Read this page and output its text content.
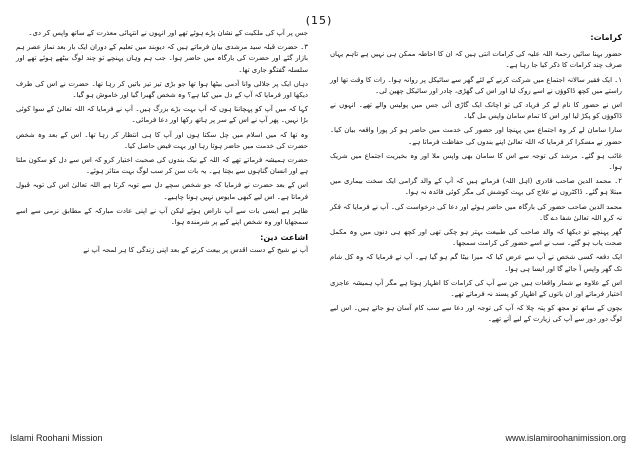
(15)
کرامات:

حضور بہنا سائیں رحمۃ اللہ علیہ کی کرامات انتی ہیں کہ ان کا احاطہ ممکن ہی نہیں ہے تاہم یہاں صرف چند کرامات کا ذکر کیا جا رہا ہے۔

۱۔ ایک فقیر سالانہ اجتماع میں شرکت کرنے کے لئے گھر سے سائیکل پر روانہ ہوا۔ رات کا وقت تھا اور راستے میں کچھ ڈاکوؤں نے اسے روک لیا اور اس کی گھڑی، چادر اور سائیکل چھین لی۔

اس نے حضور کا نام لے کر فریاد کی تو اچانک ایک گاڑی آئی جس میں پولیس والے تھے۔ انہوں نے ڈاکوؤں کو پکڑ لیا اور اس کا تمام سامان واپس مل گیا۔

سارا سامان لے کر وہ اجتماع میں پہنچا اور حضور کی خدمت میں حاضر ہو کر پورا واقعہ بیان کیا۔ حضور نے مسکرا کر فرمایا کہ اللہ تعالیٰ اپنے بندوں کی حفاظت فرماتا ہے۔

غائب ہو گئے۔ مرشد کی توجہ سے اس کا سامان بھی واپس ملا اور وہ بخیریت اجتماع میں شریک ہوا۔

۲۔ محمد الدین صاحب قادری (اہل اللہ) فرماتے ہیں کہ آپ کے والد گرامی ایک سخت بیماری میں مبتلا ہو گئے۔ ڈاکٹروں نے علاج کی بہت کوشش کی مگر کوئی فائدہ نہ ہوا۔

محمد الدین صاحب حضور کی بارگاہ میں حاضر ہوئے اور دعا کی درخواست کی۔ آپ نے فرمایا کہ فکر نہ کرو اللہ تعالیٰ شفا دے گا۔

گھر پہنچے تو دیکھا کہ والد صاحب کی طبیعت بہتر ہو چکی تھی اور کچھ ہی دنوں میں وہ مکمل صحت یاب ہو گئے۔ سب نے اسے حضور کی کرامت سمجھا۔

ایک دفعہ کسی شخص نے آپ سے عرض کیا کہ میرا بیٹا گم ہو گیا ہے۔ آپ نے فرمایا کہ وہ کل شام تک گھر واپس آ جائے گا اور ایسا ہی ہوا۔

اس کے علاوہ بے شمار واقعات ہیں جن سے آپ کی کرامات کا اظہار ہوتا ہے مگر آپ ہمیشہ عاجزی اختیار فرماتے اور ان باتوں کے اظہار کو پسند نہ فرماتے تھے۔

بچوں کے ساتھ تو مجھ کو پتہ چلا کہ آپ کی توجہ اور دعا سے سب کام آسان ہو جاتے ہیں۔ اس لیے لوگ دور دور سے آپ کی زیارت کے لیے آتے تھے۔

جس پر آپ کی ملکیت کے نشان پڑے ہوئے تھے اور انہوں نے انتہائی معذرت کے ساتھ واپس کر دی۔

۳۔ حضرت قبلہ سید مرشدی بیان فرماتے ہیں کہ دیوبند میں تعلیم کے دوران ایک بار بعد نماز عصر ہم بازار گئے اور حضرت کی بارگاہ میں حاضر ہوا۔ جب ہم وہاں پہنچے تو چند لوگ بیٹھے ہوئے تھے اور سلسلہ گفتگو جاری تھا۔

دہاں ایک پر جلالی وانا آدمی بیٹھا ہوا تھا جو بڑی تیز تیز باتیں کر رہا تھا۔ حضرت نے اس کی طرف دیکھا اور فرمایا کہ آپ کے دل میں کیا ہے؟ وہ شخص گھبرا گیا اور خاموش ہو گیا۔

کہا کہ میں آپ کو پہچانتا ہوں کہ آپ بہت بڑے بزرگ ہیں۔ آپ نے فرمایا کہ اللہ تعالیٰ کے سوا کوئی بڑا نہیں۔ پھر آپ نے اس کے سر پر ہاتھ رکھا اور دعا فرمائی۔

وہ تھا کہ میں اسلام میں چل سکتا ہوں اور آپ کا ہی انتظار کر رہا تھا۔ اس کے بعد وہ شخص حضرت کی خدمت میں حاضر ہوتا رہا اور بہت فیض حاصل کیا۔

حضرت ہمیشہ فرماتے تھے کہ اللہ کے نیک بندوں کی صحبت اختیار کرو کہ اس سے دل کو سکون ملتا ہے اور انسان گناہوں سے بچتا ہے۔ یہ بات سن کر سب لوگ بہت متاثر ہوئے۔

اس کے بعد حضرت نے فرمایا کہ جو شخص سچے دل سے توبہ کرتا ہے اللہ تعالیٰ اس کی توبہ قبول فرماتا ہے۔ اس لیے کبھی مایوس نہیں ہونا چاہیے۔

ظاہر ہے ایسی بات سے آپ ناراض ہوئے لیکن آپ نے اپنی عادت مبارکہ کے مطابق نرمی سے اسے سمجھایا اور وہ شخص اپنے کیے پر شرمندہ ہوا۔

اشاعت دین:

آپ نے شیخ کے دست اقدس پر بیعت کرنے کے بعد اپنی زندگی کا ہر لمحہ آپ نے

Islami Roohani Mission	www.islamiroohanimission.org
